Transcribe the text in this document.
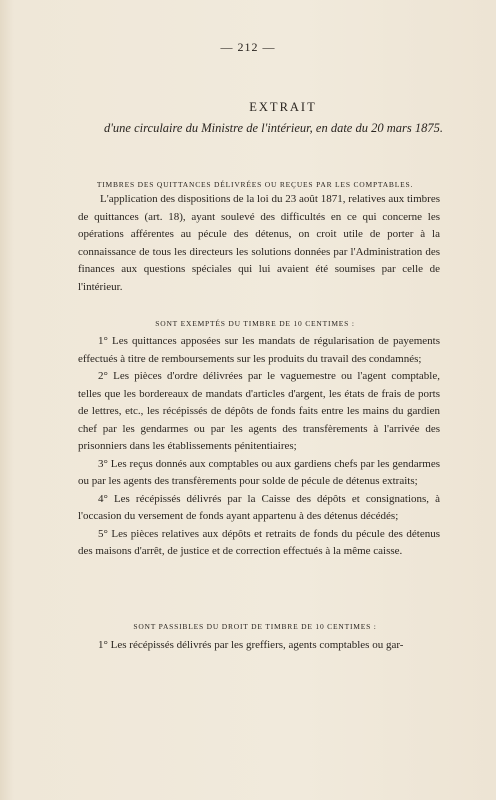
— 212 —
EXTRAIT
d'une circulaire du Ministre de l'intérieur, en date du 20 mars 1875.
TIMBRES DES QUITTANCES DÉLIVRÉES OU REÇUES PAR LES COMPTABLES.

L'application des dispositions de la loi du 23 août 1871, relatives aux timbres de quittances (art. 18), ayant soulevé des difficultés en ce qui concerne les opérations afférentes au pécule des détenus, on croit utile de porter à la connaissance de tous les directeurs les solutions données par l'Administration des finances aux questions spéciales qui lui avaient été soumises par celle de l'intérieur.

SONT EXEMPTÉS DU TIMBRE DE 10 CENTIMES :

1° Les quittances apposées sur les mandats de régularisation de payements effectués à titre de remboursements sur les produits du travail des condamnés;

2° Les pièces d'ordre délivrées par le vaguemestre ou l'agent comptable, telles que les bordereaux de mandats d'articles d'argent, les états de frais de ports de lettres, etc., les récépissés de dépôts de fonds faits entre les mains du gardien chef par les gendarmes ou par les agents des transfèrements à l'arrivée des prisonniers dans les établissements pénitentiaires;

3° Les reçus donnés aux comptables ou aux gardiens chefs par les gendarmes ou par les agents des transfèrements pour solde de pécule de détenus extraits;

4° Les récépissés délivrés par la Caisse des dépôts et consignations, à l'occasion du versement de fonds ayant appartenu à des détenus décédés;

5° Les pièces relatives aux dépôts et retraits de fonds du pécule des détenus des maisons d'arrêt, de justice et de correction effectués à la même caisse.

SONT PASSIBLES DU DROIT DE TIMBRE DE 10 CENTIMES :

1° Les récépissés délivrés par les greffiers, agents comptables ou gar-
